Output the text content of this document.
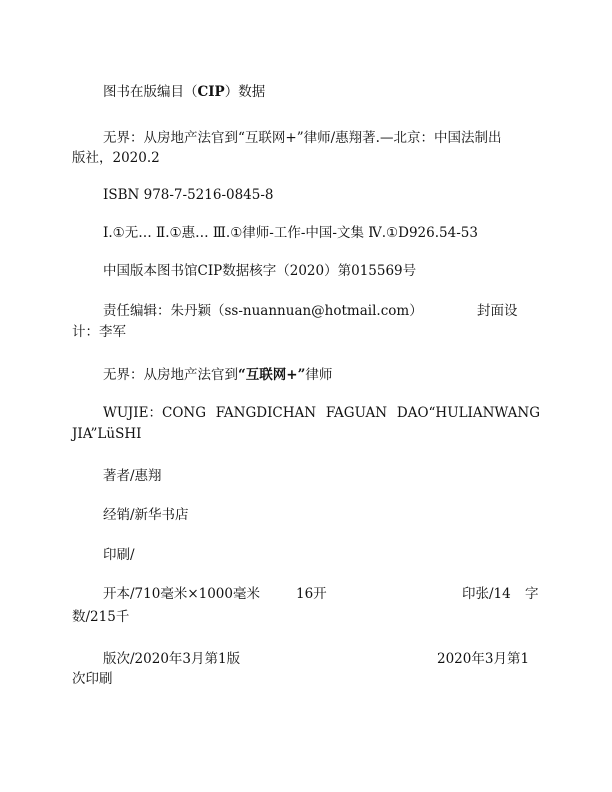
图书在版编目（CIP）数据
无界：从房地产法官到“互联网+”律师/惠翔著.—北京：中国法制出
版社，2020.2
ISBN 978-7-5216-0845-8
Ⅰ.①无… Ⅱ.①惠… Ⅲ.①律师-工作-中国-文集 Ⅳ.①D926.54-53
中国版本图书馆CIP数据核字（2020）第015569号
责任编辑：朱丹颖（ss-nuannuan@hotmail.com）	封面设
计：李军
无界：从房地产法官到“互联网+”律师
WUJIE：CONG FANGDICHAN FAGUAN DAO“HULIANWANG
JIA”LüSHI
著者/惠翔
经销/新华书店
印刷/
开本/710毫米×1000毫米	16开	印张/14 字
数/215千
版次/2020年3月第1版	2020年3月第1
次印刷
